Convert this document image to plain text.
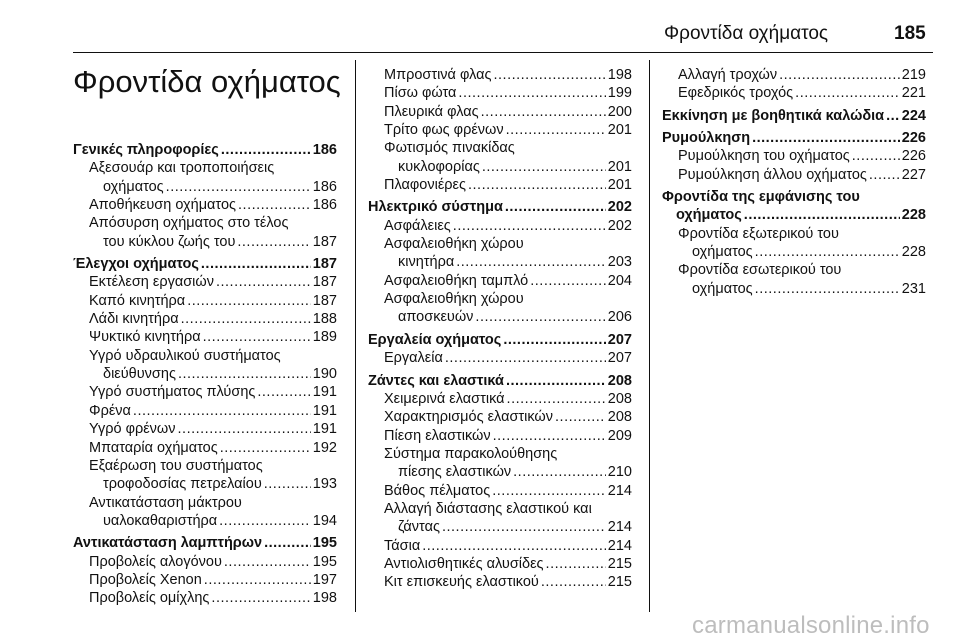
Φροντίδα οχήματος	185
Φροντίδα οχήματος
Γενικές πληροφορίες .....	186
Αξεσουάρ και τροποποιήσεις
οχήματος .....	186
Αποθήκευση οχήματος .....	186
Απόσυρση οχήματος στο τέλος
του κύκλου ζωής του .....	187
Έλεγχοι οχήματος .....	187
Εκτέλεση εργασιών .....	187
Καπό κινητήρα .....	187
Λάδι κινητήρα .....	188
Ψυκτικό κινητήρα .....	189
Υγρό υδραυλικού συστήματος
διεύθυνσης .....	190
Υγρό συστήματος πλύσης .....	191
Φρένα .....	191
Υγρό φρένων .....	191
Μπαταρία οχήματος .....	192
Εξαέρωση του συστήματος
τροφοδοσίας πετρελαίου .....	193
Αντικατάσταση μάκτρου
υαλοκαθαριστήρα .....	194
Αντικατάσταση λαμπτήρων .....	195
Προβολείς αλογόνου .....	195
Προβολείς Xenon .....	197
Προβολείς ομίχλης .....	198
Μπροστινά φλας .....	198
Πίσω φώτα .....	199
Πλευρικά φλας .....	200
Τρίτο φως φρένων .....	201
Φωτισμός πινακίδας
κυκλοφορίας .....	201
Πλαφονιέρες .....	201
Ηλεκτρικό σύστημα .....	202
Ασφάλειες .....	202
Ασφαλειοθήκη χώρου
κινητήρα .....	203
Ασφαλειοθήκη ταμπλό .....	204
Ασφαλειοθήκη χώρου
αποσκευών .....	206
Εργαλεία οχήματος .....	207
Εργαλεία .....	207
Ζάντες και ελαστικά .....	208
Χειμερινά ελαστικά .....	208
Χαρακτηρισμός ελαστικών .....	208
Πίεση ελαστικών .....	209
Σύστημα παρακολούθησης
πίεσης ελαστικών .....	210
Βάθος πέλματος .....	214
Αλλαγή διάστασης ελαστικού και
ζάντας .....	214
Τάσια .....	214
Αντιολισθητικές αλυσίδες .....	215
Κιτ επισκευής ελαστικού .....	215
Αλλαγή τροχών .....	219
Εφεδρικός τροχός .....	221
Εκκίνηση με βοηθητικά καλώδια ..... 224
Ρυμούλκηση .....	226
Ρυμούλκηση του οχήματος .....	226
Ρυμούλκηση άλλου οχήματος ..... 227
Φροντίδα της εμφάνισης του
οχήματος .....	228
Φροντίδα εξωτερικού του
οχήματος .....	228
Φροντίδα εσωτερικού του
οχήματος .....	231
carmanualsonline.info
